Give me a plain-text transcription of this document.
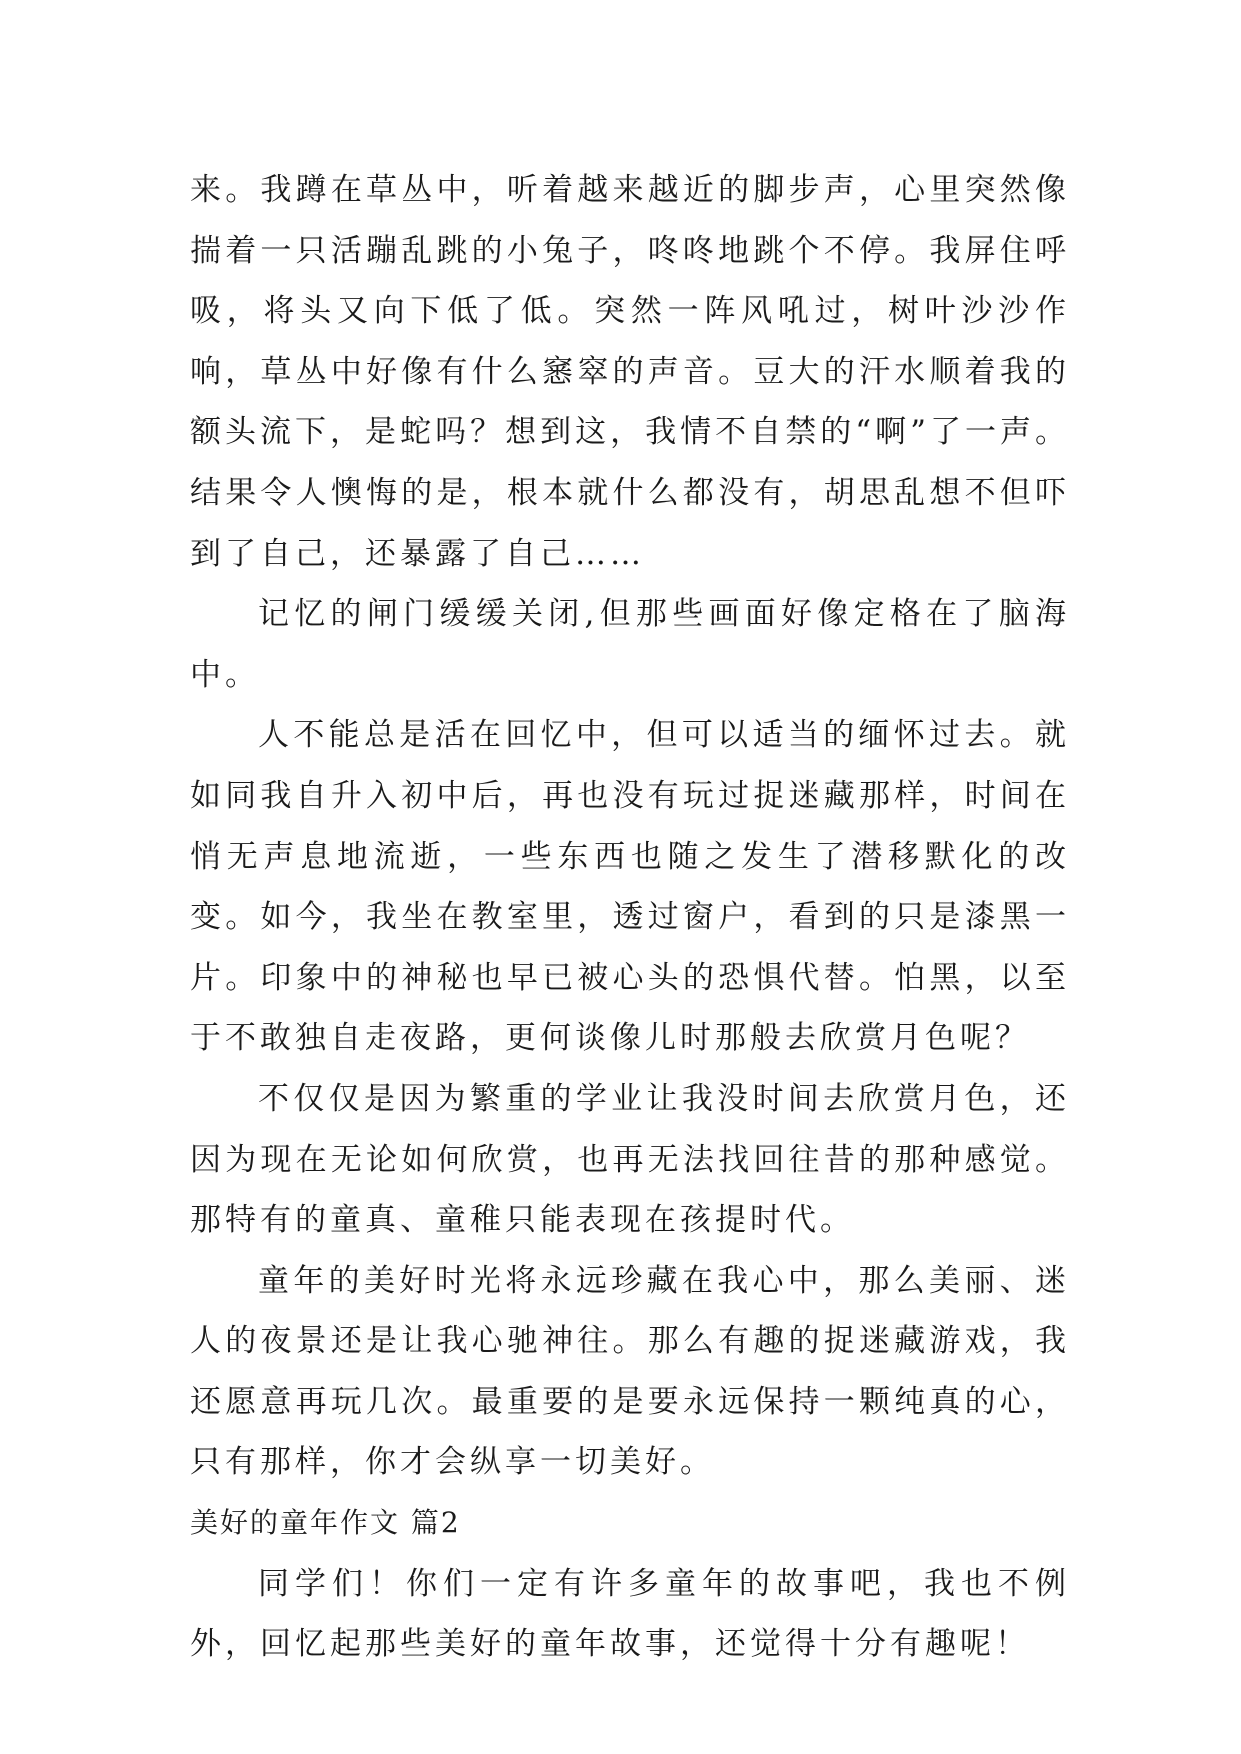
来。我蹲在草丛中，听着越来越近的脚步声，心里突然像揣着一只活蹦乱跳的小兔子，咚咚地跳个不停。我屏住呼吸，将头又向下低了低。突然一阵风吼过，树叶沙沙作响，草丛中好像有什么窸窣的声音。豆大的汗水顺着我的额头流下，是蛇吗？想到这，我情不自禁的“啊”了一声。结果令人懊悔的是，根本就什么都没有，胡思乱想不但吓到了自己，还暴露了自己……

记忆的闸门缓缓关闭,但那些画面好像定格在了脑海中。

人不能总是活在回忆中，但可以适当的缅怀过去。就如同我自升入初中后，再也没有玩过捉迷藏那样，时间在悄无声息地流逝，一些东西也随之发生了潜移默化的改变。如今，我坐在教室里，透过窗户，看到的只是漆黑一片。印象中的神秘也早已被心头的恐惧代替。怕黑，以至于不敢独自走夜路，更何谈像儿时那般去欣赏月色呢？

不仅仅是因为繁重的学业让我没时间去欣赏月色，还因为现在无论如何欣赏，也再无法找回往昔的那种感觉。那特有的童真、童稚只能表现在孩提时代。

童年的美好时光将永远珍藏在我心中，那么美丽、迷人的夜景还是让我心驰神往。那么有趣的捉迷藏游戏，我还愿意再玩几次。最重要的是要永远保持一颗纯真的心，只有那样，你才会纵享一切美好。

美好的童年作文 篇2

同学们！你们一定有许多童年的故事吧，我也不例外，回忆起那些美好的童年故事，还觉得十分有趣呢！
